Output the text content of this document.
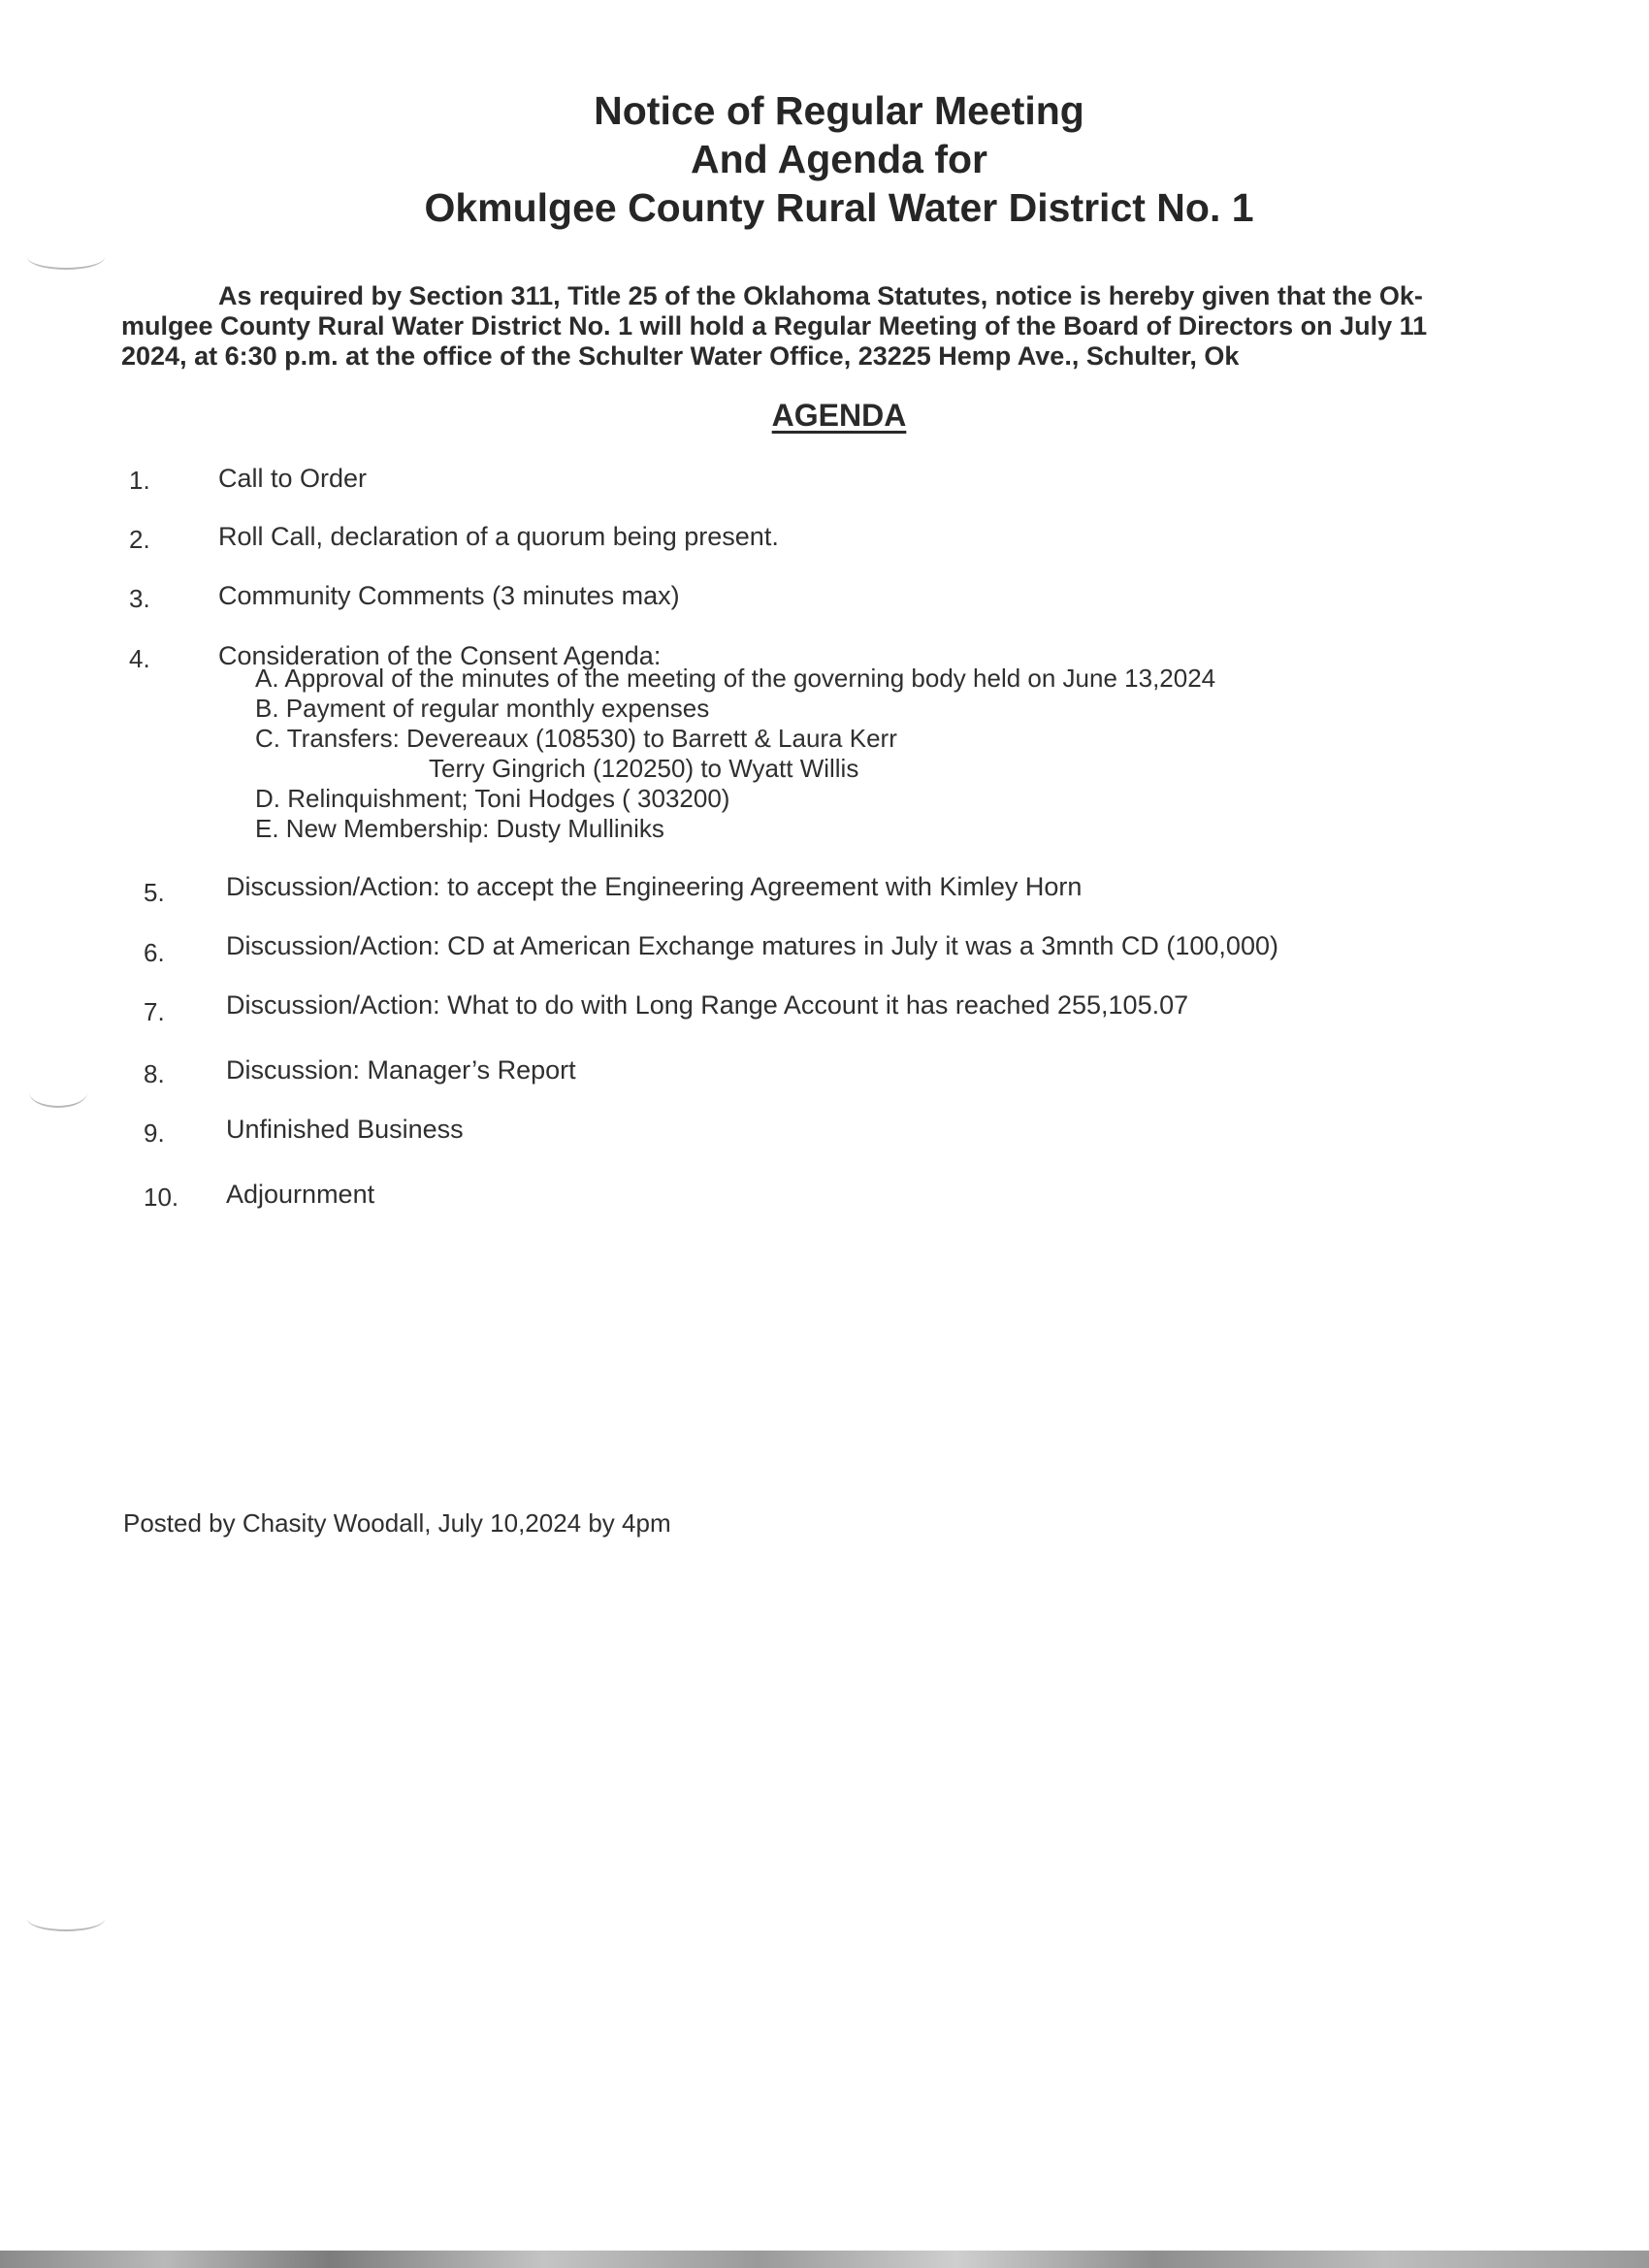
Notice of Regular Meeting
And Agenda for
Okmulgee County Rural Water District No. 1
As required by Section 311, Title 25 of the Oklahoma Statutes, notice is hereby given that the Ok-
mulgee County Rural Water District No. 1 will hold a Regular Meeting of the Board of Directors on July 11
2024, at 6:30 p.m. at the office of the Schulter Water Office, 23225 Hemp Ave., Schulter, Ok
AGENDA
1.	Call to Order
2.	Roll Call, declaration of a quorum being present.
3.	Community Comments (3 minutes max)
4.	Consideration of the Consent Agenda:
A. Approval of the minutes of the meeting of the governing body held on June 13,2024
B. Payment of regular monthly expenses
C. Transfers: Devereaux (108530) to Barrett & Laura Kerr
Terry Gingrich (120250) to Wyatt Willis
D. Relinquishment; Toni Hodges ( 303200)
E. New Membership: Dusty Mulliniks
5. Discussion/Action: to accept the Engineering Agreement with Kimley Horn
6. Discussion/Action: CD at American Exchange matures in July it was a 3mnth CD (100,000)
7. Discussion/Action: What to do with Long Range Account it has reached 255,105.07
8. Discussion: Manager’s Report
9. Unfinished Business
10. Adjournment
Posted by Chasity Woodall, July 10,2024 by 4pm
